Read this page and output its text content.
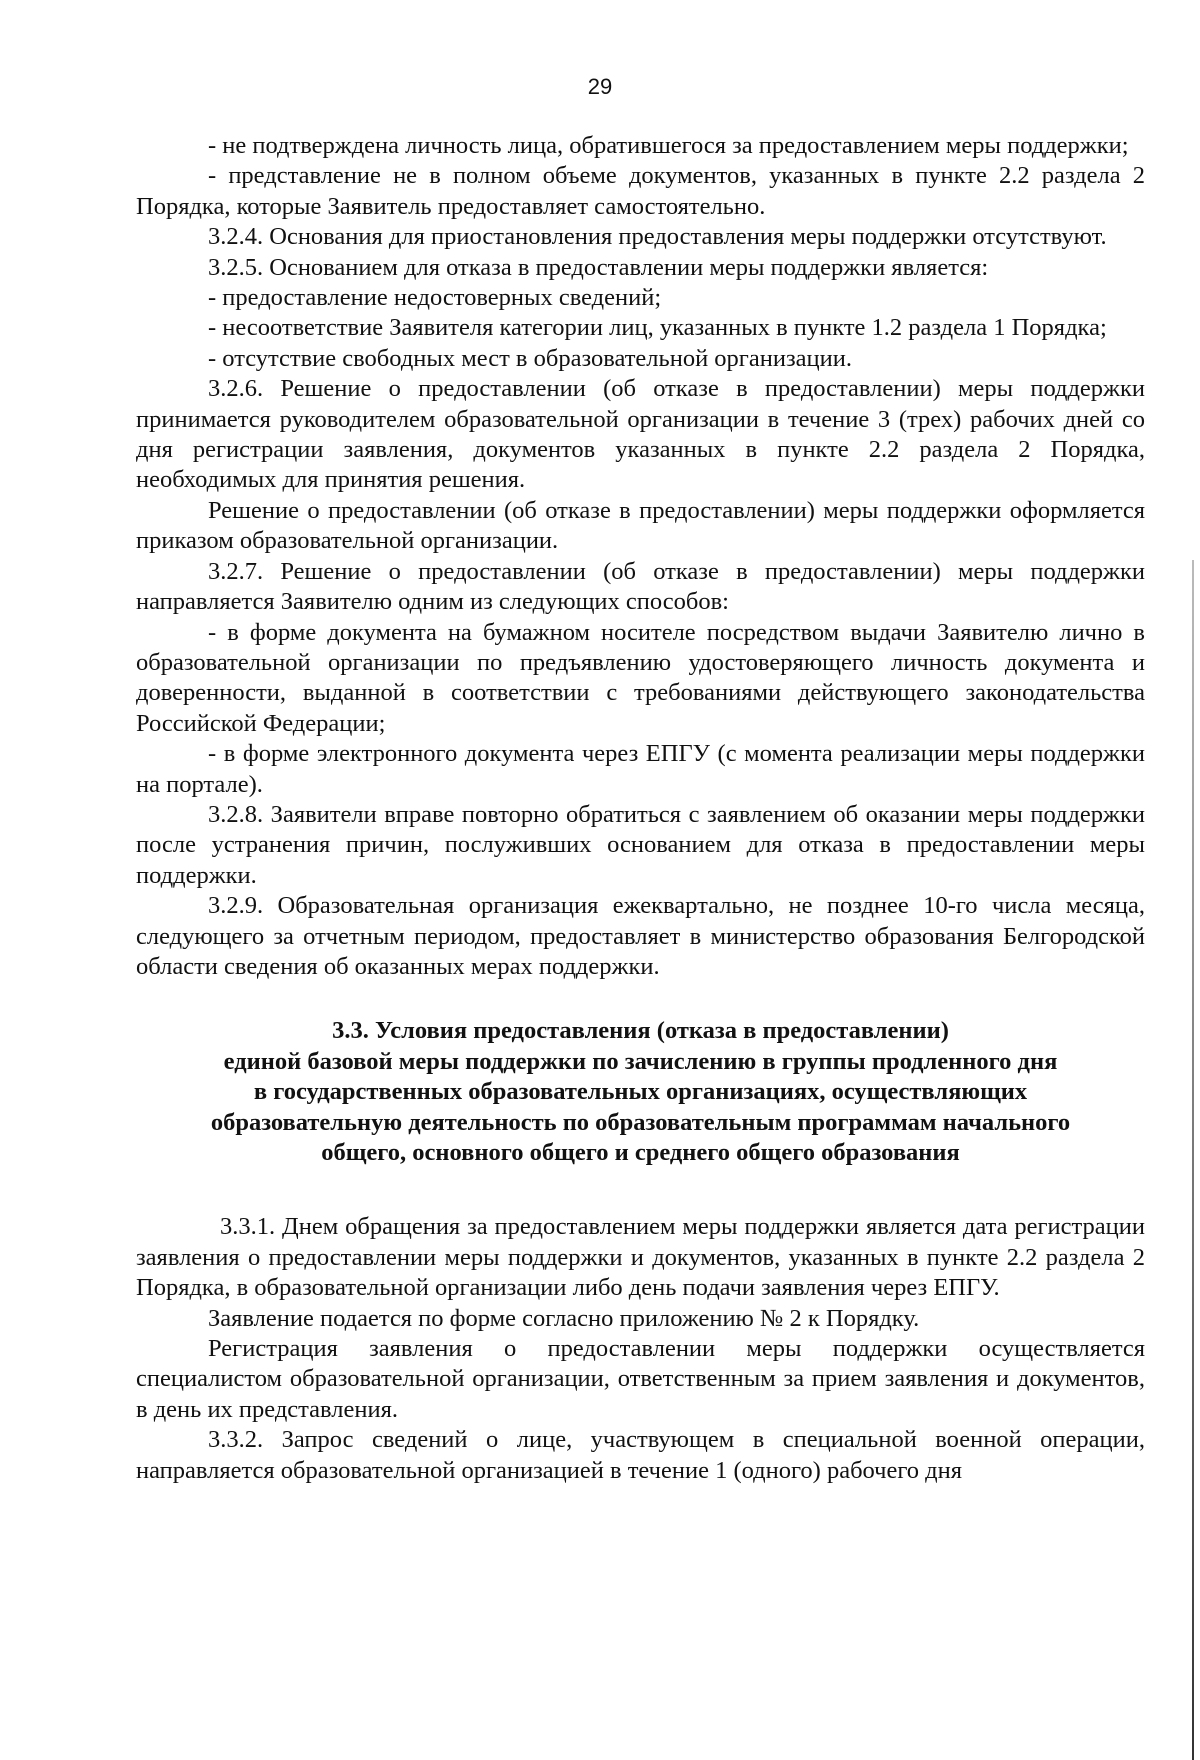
29

- не подтверждена личность лица, обратившегося за предоставлением меры поддержки;

- представление не в полном объеме документов, указанных в пункте 2.2 раздела 2 Порядка, которые Заявитель предоставляет самостоятельно.

3.2.4. Основания для приостановления предоставления меры поддержки отсутствуют.

3.2.5. Основанием для отказа в предоставлении меры поддержки является:

- предоставление недостоверных сведений;

- несоответствие Заявителя категории лиц, указанных в пункте 1.2 раздела 1 Порядка;

- отсутствие свободных мест в образовательной организации.

3.2.6. Решение о предоставлении (об отказе в предоставлении) меры поддержки принимается руководителем образовательной организации в течение 3 (трех) рабочих дней со дня регистрации заявления, документов указанных в пункте 2.2 раздела 2 Порядка, необходимых для принятия решения.

Решение о предоставлении (об отказе в предоставлении) меры поддержки оформляется приказом образовательной организации.

3.2.7. Решение о предоставлении (об отказе в предоставлении) меры поддержки направляется Заявителю одним из следующих способов:

- в форме документа на бумажном носителе посредством выдачи Заявителю лично в образовательной организации по предъявлению удостоверяющего личность документа и доверенности, выданной в соответствии с требованиями действующего законодательства Российской Федерации;

- в форме электронного документа через ЕПГУ (с момента реализации меры поддержки на портале).

3.2.8. Заявители вправе повторно обратиться с заявлением об оказании меры поддержки после устранения причин, послуживших основанием для отказа в предоставлении меры поддержки.

3.2.9. Образовательная организация ежеквартально, не позднее 10-го числа месяца, следующего за отчетным периодом, предоставляет в министерство образования Белгородской области сведения об оказанных мерах поддержки.

3.3. Условия предоставления (отказа в предоставлении)
единой базовой меры поддержки по зачислению в группы продленного дня
в государственных образовательных организациях, осуществляющих
образовательную деятельность по образовательным программам начального
общего, основного общего и среднего общего образования

3.3.1. Днем обращения за предоставлением меры поддержки является дата регистрации заявления о предоставлении меры поддержки и документов, указанных в пункте 2.2 раздела 2 Порядка, в образовательной организации либо день подачи заявления через ЕПГУ.

Заявление подается по форме согласно приложению № 2 к Порядку.

Регистрация заявления о предоставлении меры поддержки осуществляется специалистом образовательной организации, ответственным за прием заявления и документов, в день их представления.

3.3.2. Запрос сведений о лице, участвующем в специальной военной операции, направляется образовательной организацией в течение 1 (одного) рабочего дня
